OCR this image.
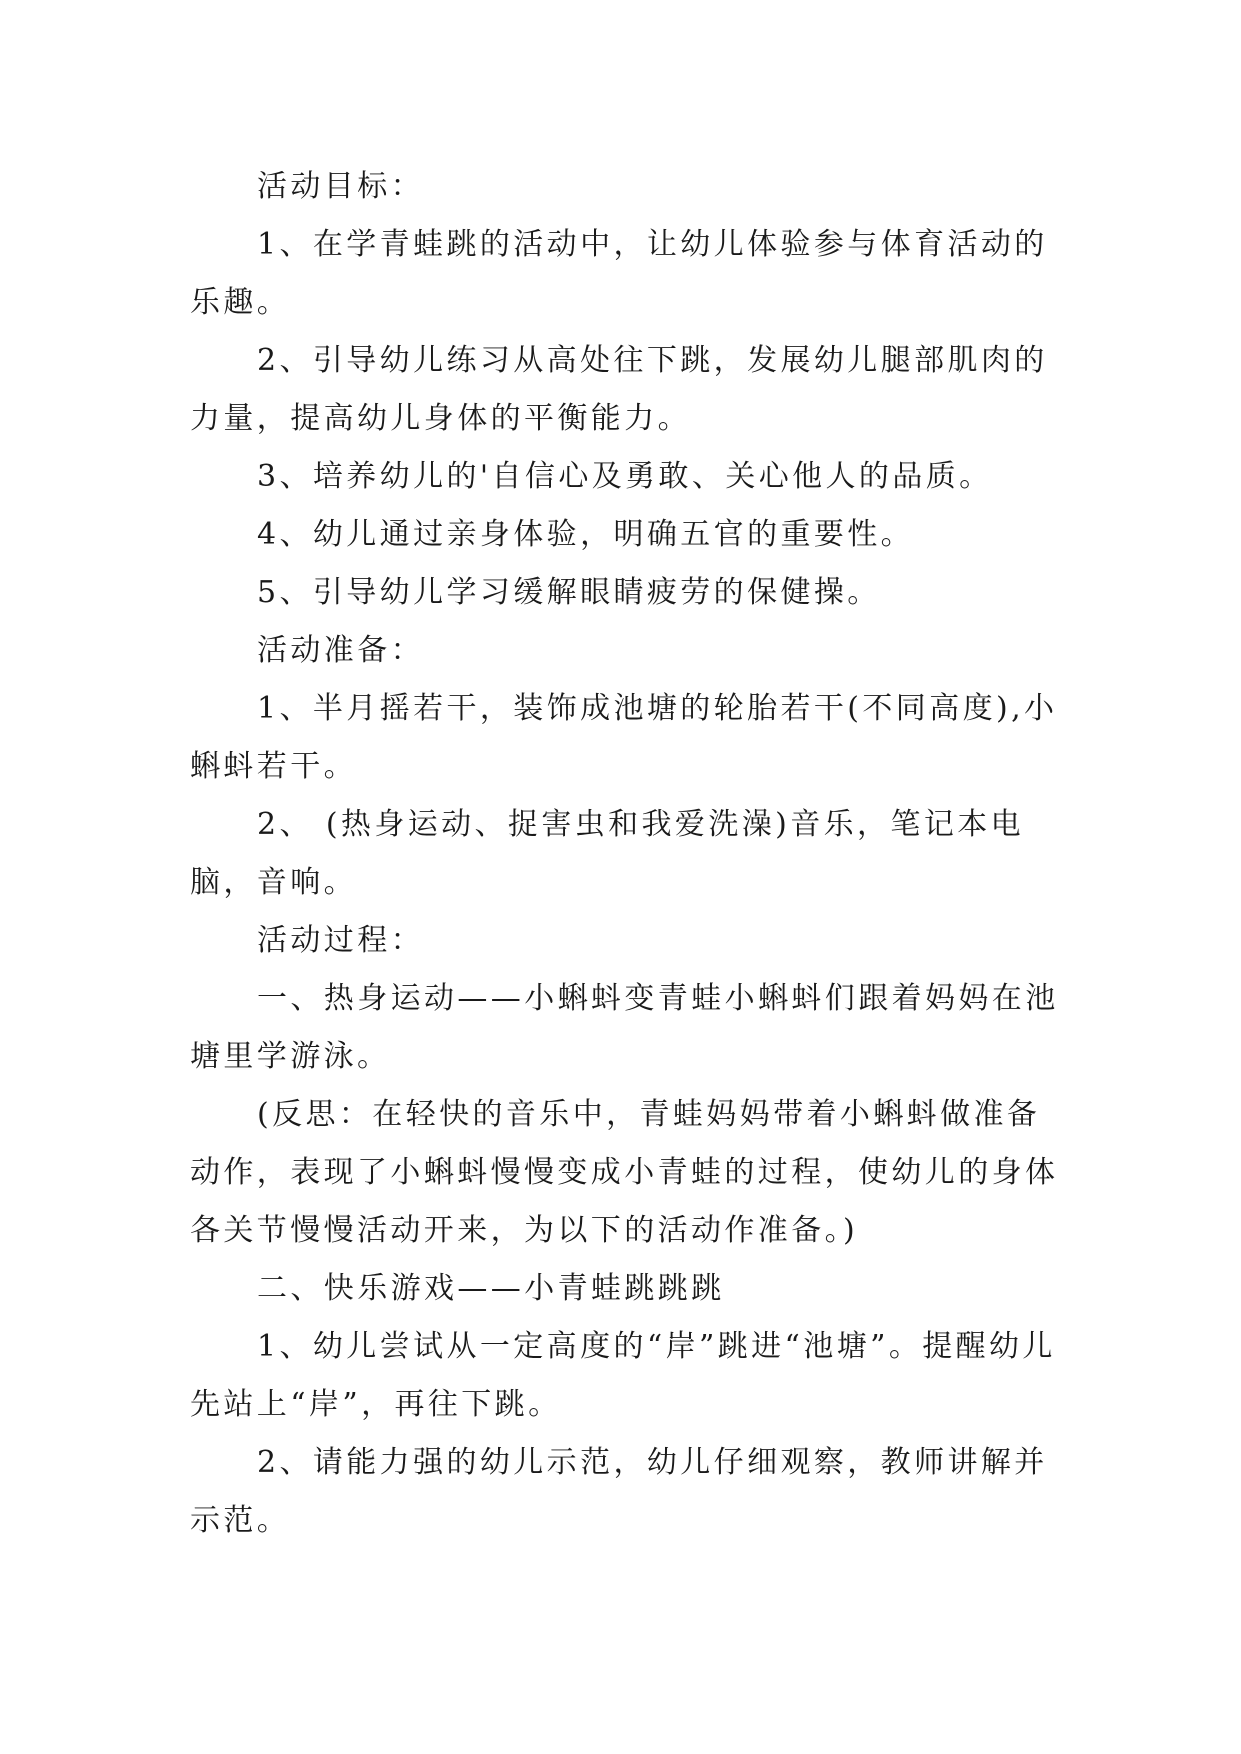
活动目标：

1、在学青蛙跳的活动中，让幼儿体验参与体育活动的乐趣。

2、引导幼儿练习从高处往下跳，发展幼儿腿部肌肉的力量，提高幼儿身体的平衡能力。

3、培养幼儿的'自信心及勇敢、关心他人的品质。

4、幼儿通过亲身体验，明确五官的重要性。

5、引导幼儿学习缓解眼睛疲劳的保健操。

活动准备：

1、半月摇若干，装饰成池塘的轮胎若干(不同高度),小蝌蚪若干。

2、 (热身运动、捉害虫和我爱洗澡)音乐，笔记本电脑，音响。

活动过程：

一、热身运动——小蝌蚪变青蛙小蝌蚪们跟着妈妈在池塘里学游泳。

(反思：在轻快的音乐中，青蛙妈妈带着小蝌蚪做准备动作，表现了小蝌蚪慢慢变成小青蛙的过程，使幼儿的身体各关节慢慢活动开来，为以下的活动作准备。)

二、快乐游戏——小青蛙跳跳跳

1、幼儿尝试从一定高度的“岸”跳进“池塘”。提醒幼儿先站上“岸”，再往下跳。

2、请能力强的幼儿示范，幼儿仔细观察，教师讲解并示范。
